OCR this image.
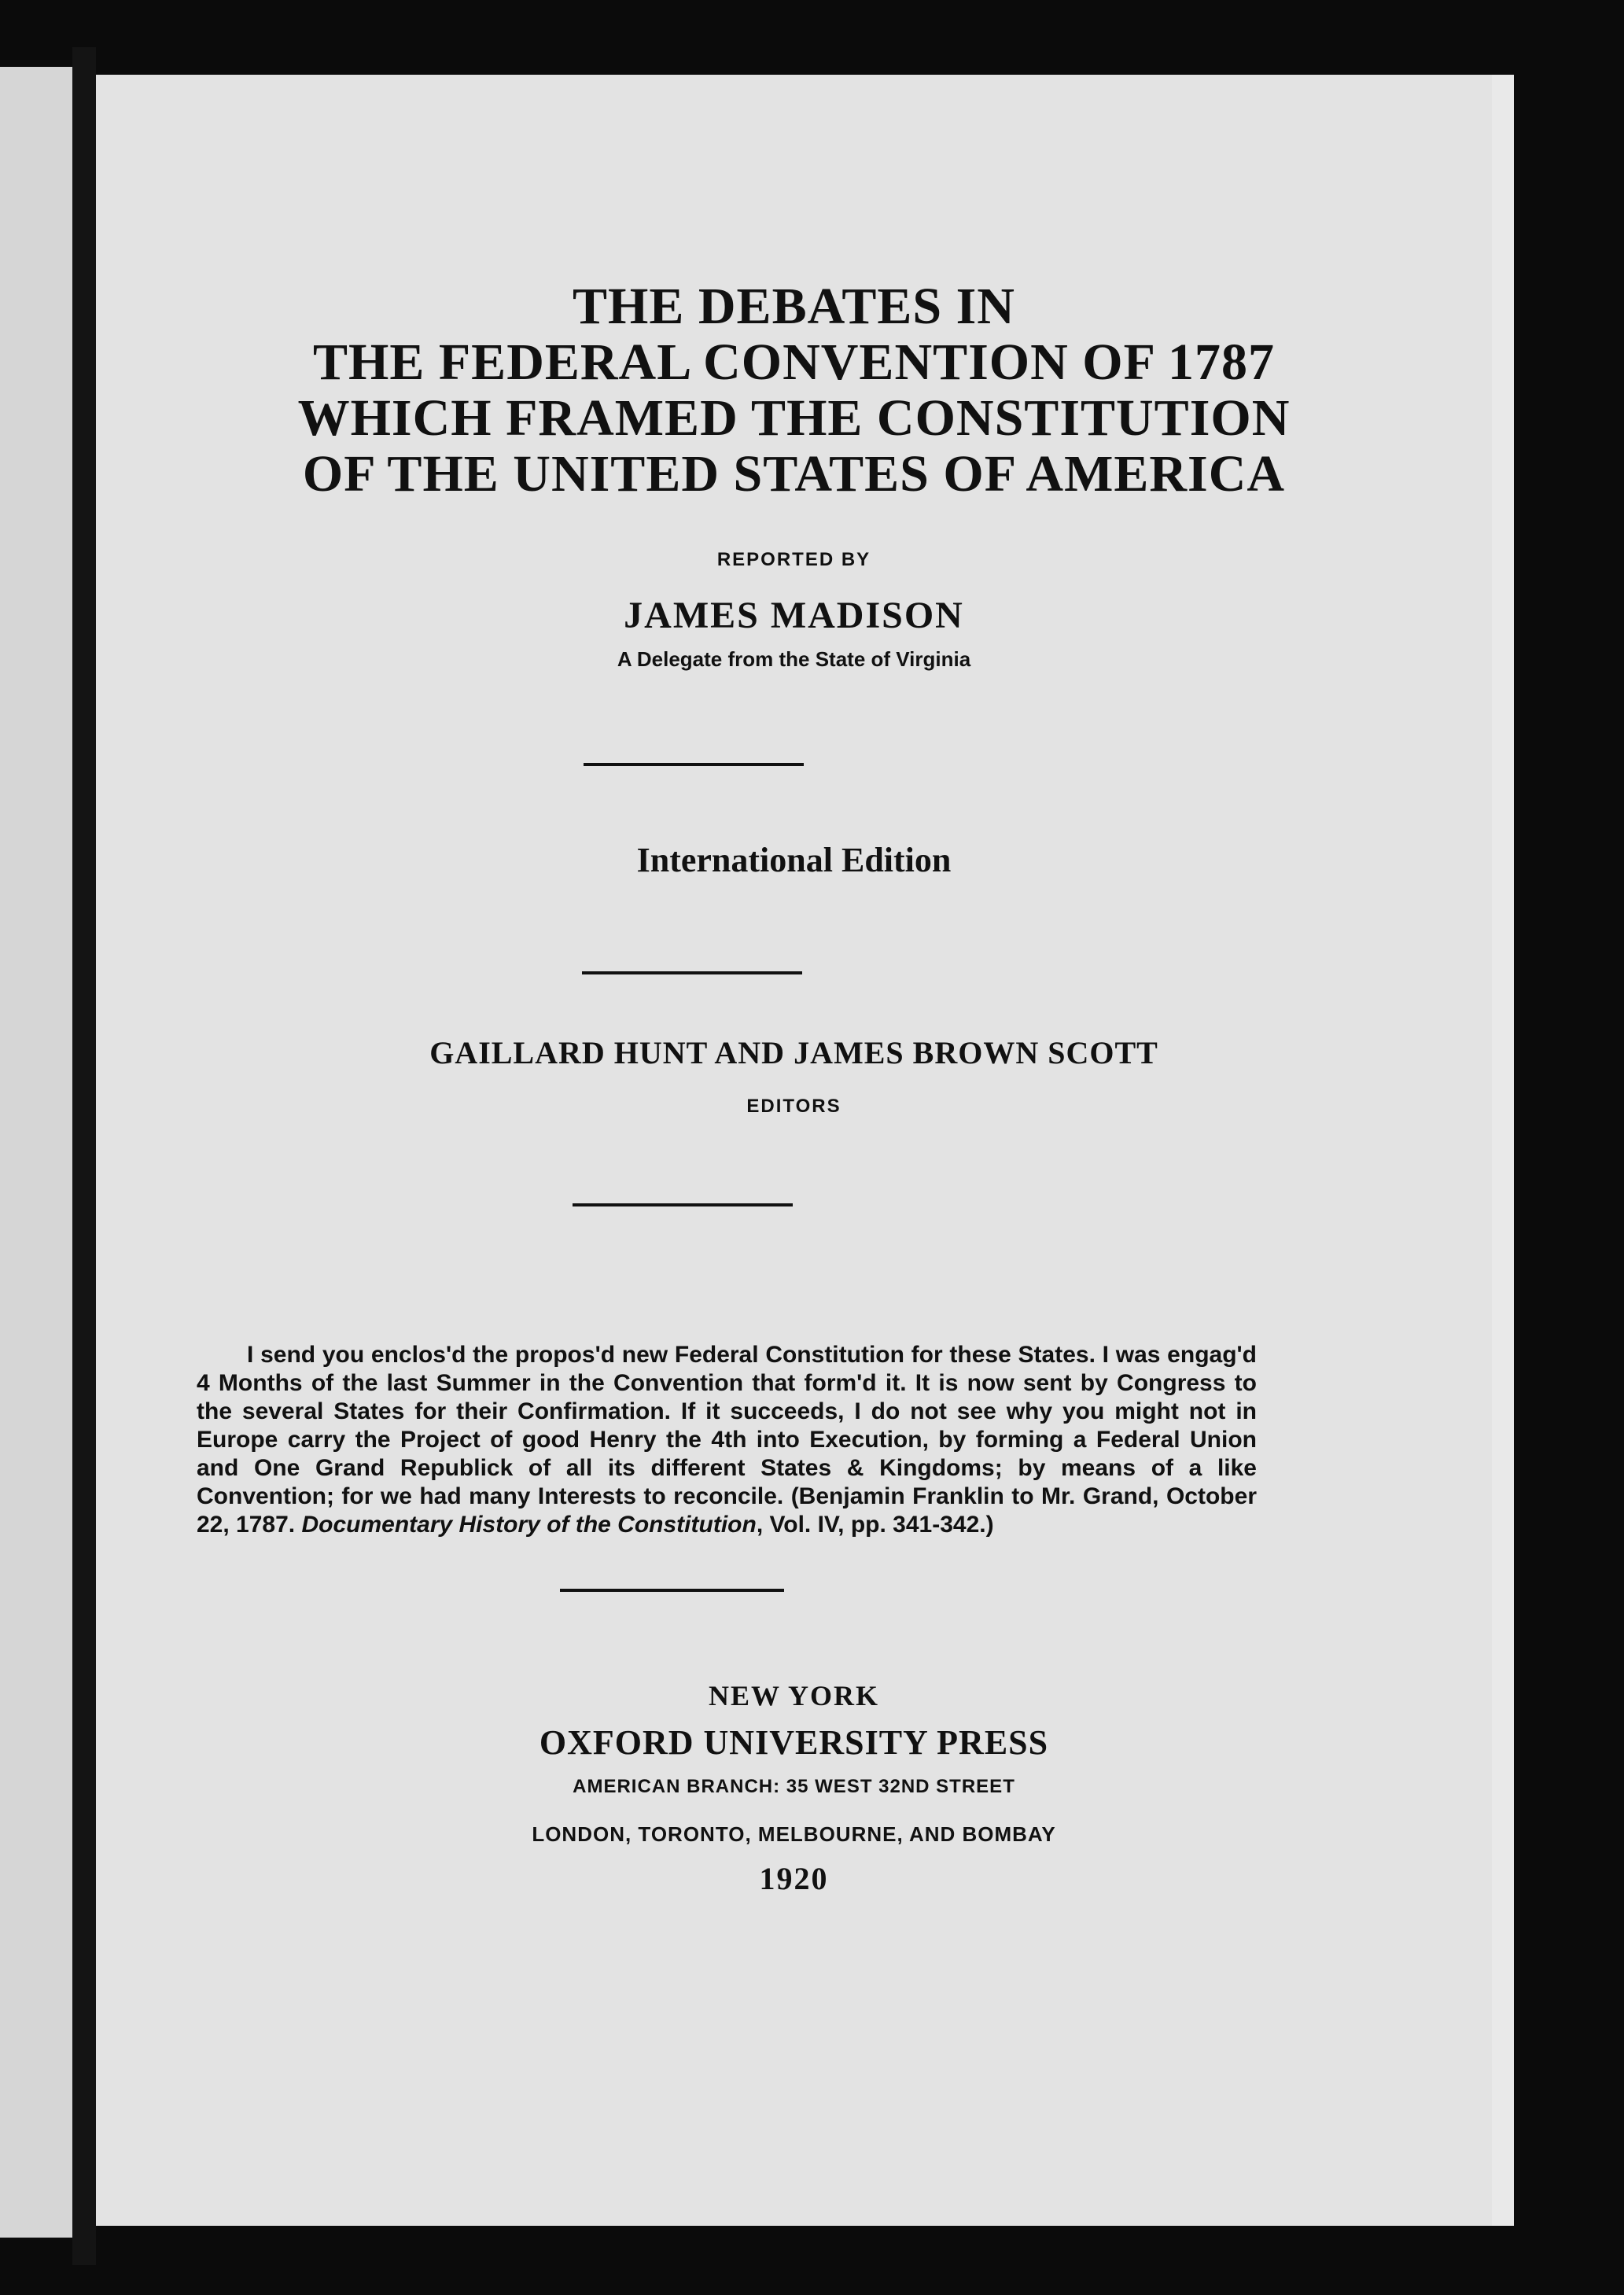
THE DEBATES IN

THE FEDERAL CONVENTION OF 1787

WHICH FRAMED THE CONSTITUTION

OF THE UNITED STATES OF AMERICA

REPORTED BY

JAMES MADISON

A Delegate from the State of Virginia

International Edition

GAILLARD HUNT AND JAMES BROWN SCOTT

EDITORS

I send you enclos'd the propos'd new Federal Constitution for these States. I was engag'd 4 Months of the last Summer in the Convention that form'd it. It is now sent by Congress to the several States for their Confirmation. If it succeeds, I do not see why you might not in Europe carry the Project of good Henry the 4th into Execution, by forming a Federal Union and One Grand Republick of all its different States & Kingdoms; by means of a like Convention; for we had many Interests to reconcile. (Benjamin Franklin to Mr. Grand, October 22, 1787. Documentary History of the Constitution, Vol. IV, pp. 341-342.)

NEW YORK

OXFORD UNIVERSITY PRESS

AMERICAN BRANCH: 35 WEST 32ND STREET

LONDON, TORONTO, MELBOURNE, AND BOMBAY

1920
